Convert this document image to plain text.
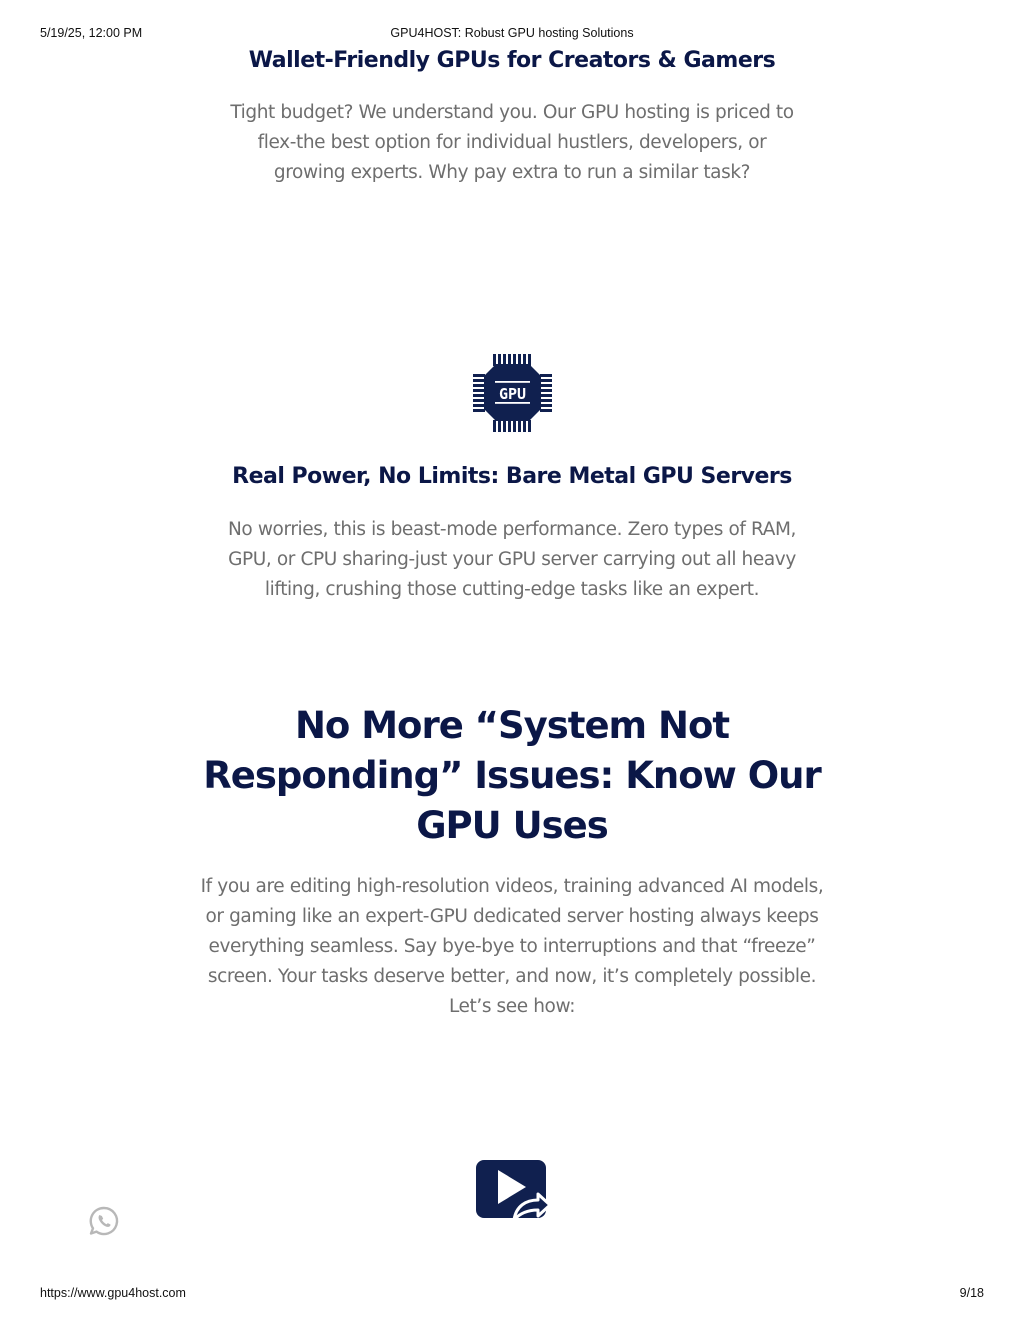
5/19/25, 12:00 PM	GPU4HOST: Robust GPU hosting Solutions
Wallet-Friendly GPUs for Creators & Gamers

Tight budget? We understand you. Our GPU hosting is priced to
flex-the best option for individual hustlers, developers, or
growing experts. Why pay extra to run a similar task?

GPU
Real Power, No Limits: Bare Metal GPU Servers

No worries, this is beast-mode performance. Zero types of RAM,
GPU, or CPU sharing-just your GPU server carrying out all heavy
lifting, crushing those cutting-edge tasks like an expert.

No More “System Not
Responding” Issues: Know Our
GPU Uses

If you are editing high-resolution videos, training advanced AI models,
or gaming like an expert-GPU dedicated server hosting always keeps
everything seamless. Say bye-bye to interruptions and that “freeze”
screen. Your tasks deserve better, and now, it’s completely possible.
Let’s see how:

https://www.gpu4host.com	9/18
